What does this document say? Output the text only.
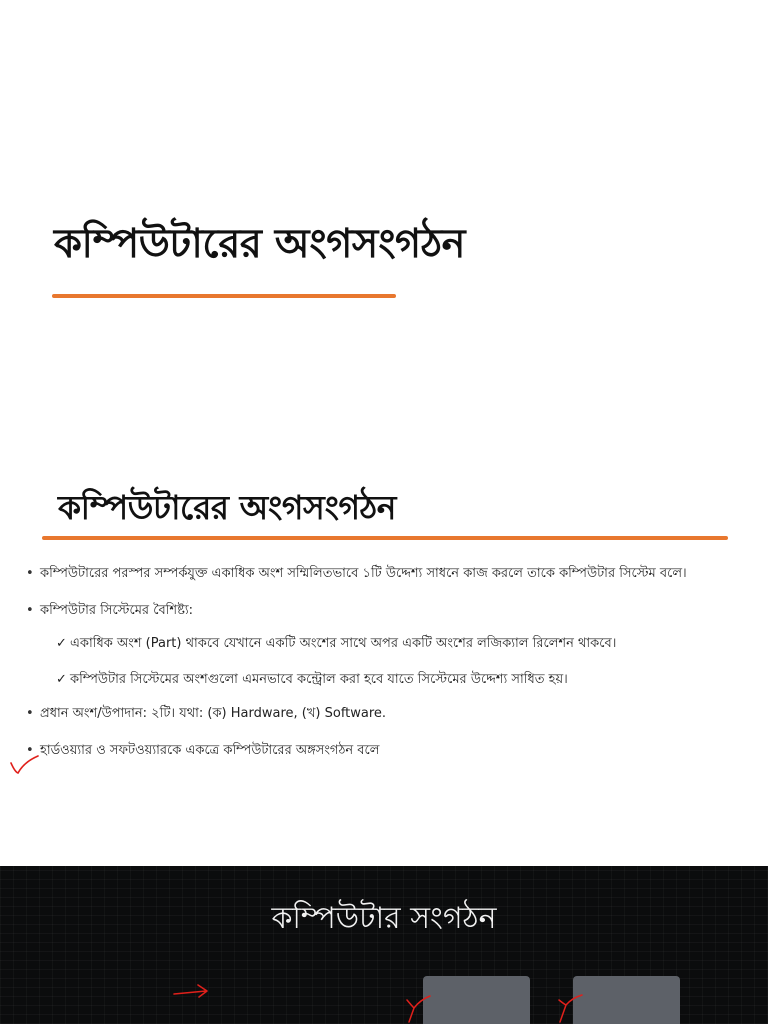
কম্পিউটারের অংগসংগঠন
কম্পিউটারের অংগসংগঠন
• কম্পিউটারের পরস্পর সম্পর্কযুক্ত একাধিক অংশ সম্মিলিতভাবে ১টি উদ্দেশ্য সাধনে কাজ করলে তাকে কম্পিউটার সিস্টেম বলে।
• কম্পিউটার সিস্টেমের বৈশিষ্ট্য:
✓ একাধিক অংশ (Part) থাকবে যেখানে একটি অংশের সাথে অপর একটি অংশের লজিক্যাল রিলেশন থাকবে।
✓ কম্পিউটার সিস্টেমের অংশগুলো এমনভাবে কন্ট্রোল করা হবে যাতে সিস্টেমের উদ্দেশ্য সাধিত হয়।
• প্রধান অংশ/উপাদান: ২টি। যথা: (ক) Hardware, (খ) Software.
• হার্ডওয়্যার ও সফটওয়্যারকে একত্রে কম্পিউটারের অঙ্গসংগঠন বলে
কম্পিউটার সংগঠন
